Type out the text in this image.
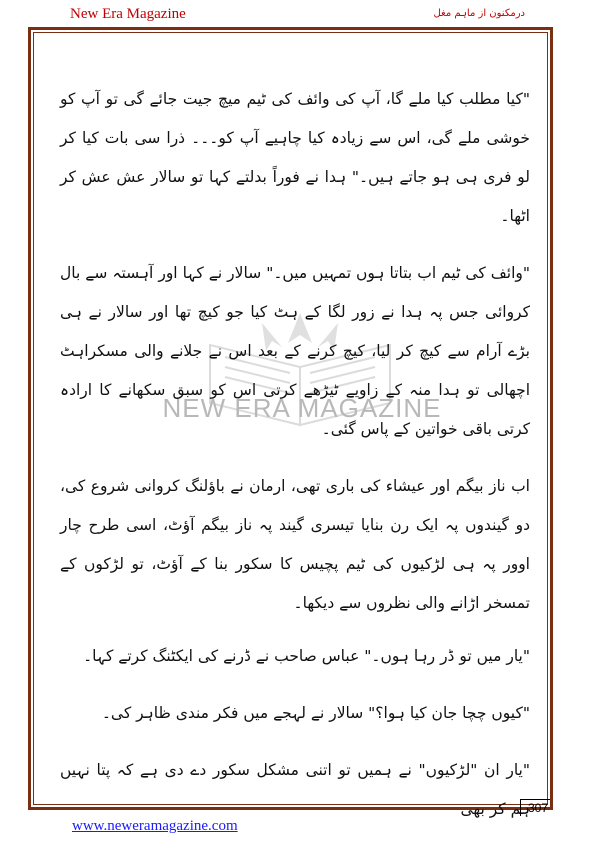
New Era Magazine	درمکنون از ماہم مغل
NEW ERA MAGAZINE

"کیا مطلب کیا ملے گا، آپ کی وائف کی ٹیم میچ جیت جائے گی تو آپ کو خوشی ملے گی، اس سے زیادہ کیا چاہیے آپ کو۔۔۔ ذرا سی بات کیا کر لو فری ہی ہو جاتے ہیں۔" ہدا نے فوراً بدلتے کہا تو سالار عش عش کر اٹھا۔

"وائف کی ٹیم اب بتاتا ہوں تمہیں میں۔" سالار نے کہا اور آہستہ سے بال کروائی جس پہ ہدا نے زور لگا کے ہٹ کیا جو کیچ تھا اور سالار نے ہی بڑے آرام سے کیچ کر لیا، کیچ کرنے کے بعد اس نے جلانے والی مسکراہٹ اچھالی تو ہدا منہ کے زاویے ٹیڑھے کرتی اس کو سبق سکھانے کا ارادہ کرتی باقی خواتین کے پاس گئی۔

اب ناز بیگم اور عیشاء کی باری تھی، ارمان نے باؤلنگ کروانی شروع کی، دو گیندوں پہ ایک رن بنایا تیسری گیند پہ ناز بیگم آؤٹ، اسی طرح چار اوور پہ ہی لڑکیوں کی ٹیم پچیس کا سکور بنا کے آؤٹ، تو لڑکوں کے تمسخر اڑانے والی نظروں سے دیکھا۔

"یار میں تو ڈر رہا ہوں۔" عباس صاحب نے ڈرنے کی ایکٹنگ کرتے کہا۔

"کیوں چچا جان کیا ہوا؟" سالار نے لہجے میں فکر مندی ظاہر کی۔

"یار ان "لڑکیوں" نے ہمیں تو اتنی مشکل سکور دے دی ہے کہ پتا نہیں ہم کر بھی

307
www.neweramagazine.com
